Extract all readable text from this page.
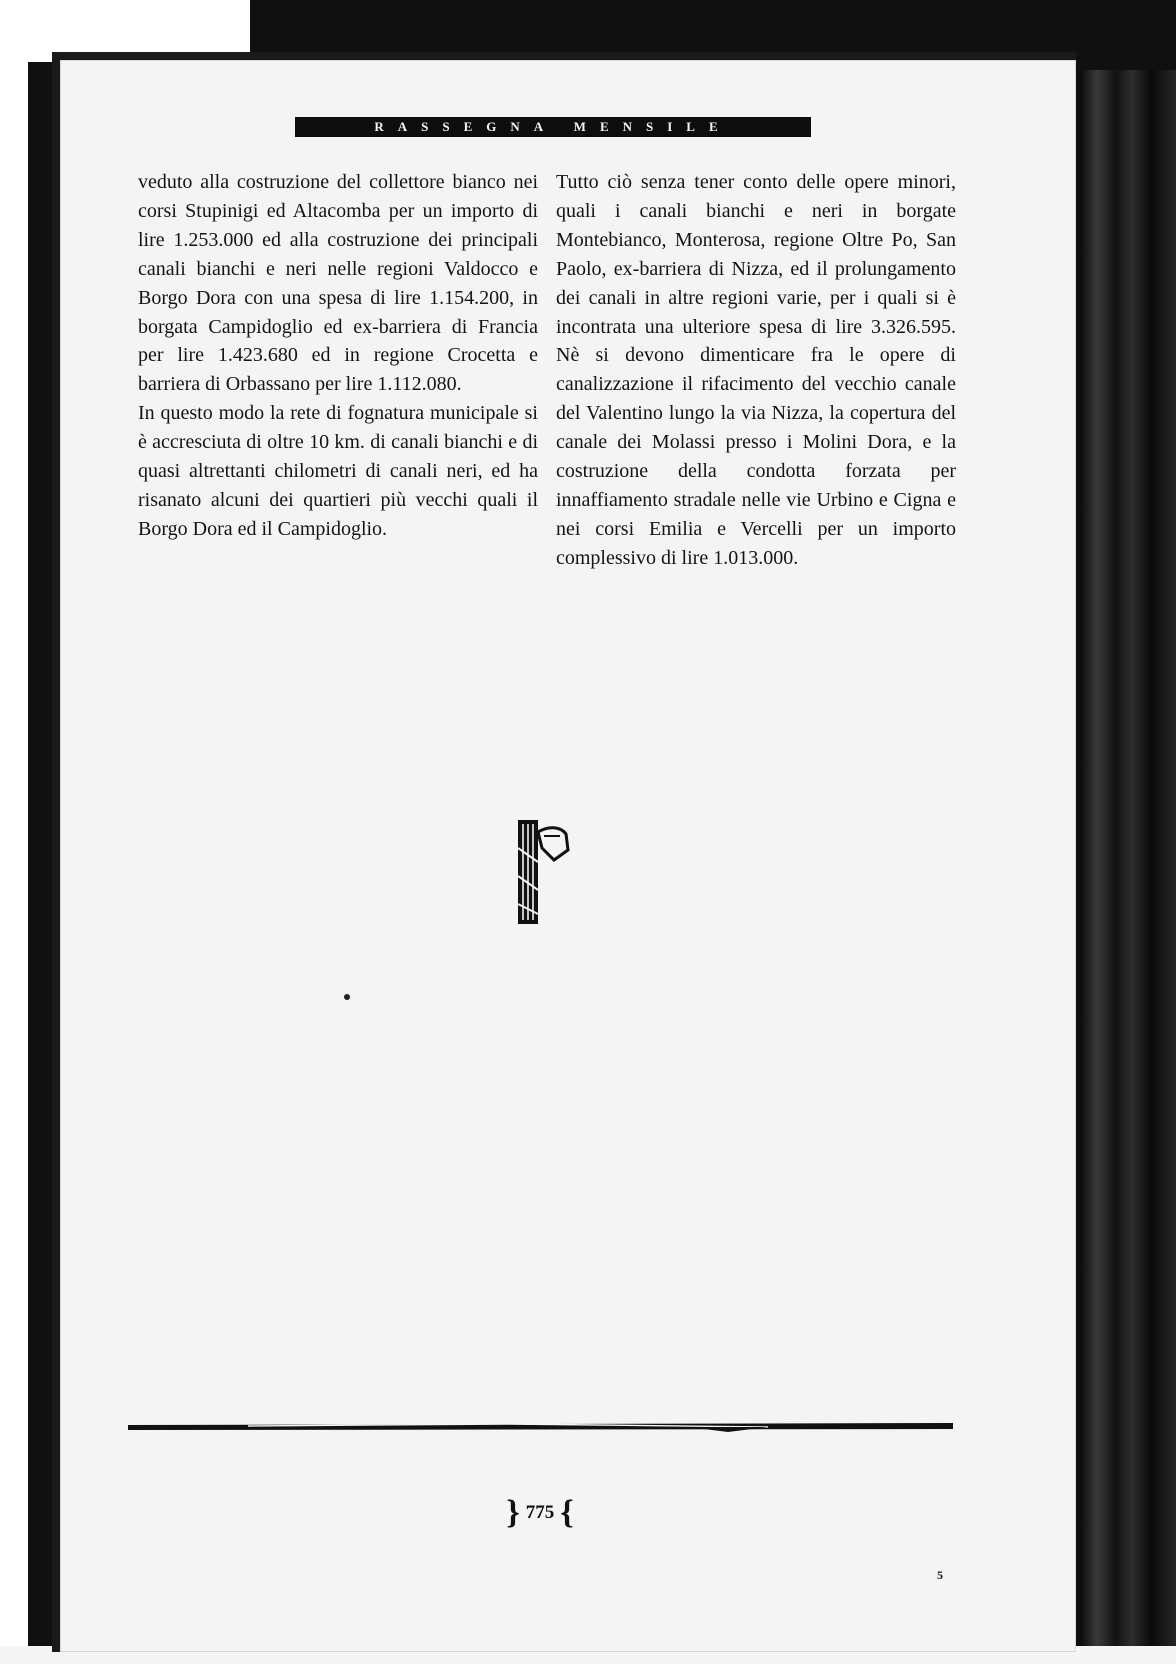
RASSEGNA MENSILE

veduto alla costruzione del collettore bianco nei corsi Stupinigi ed Altacomba per un importo di lire 1.253.000 ed alla costruzione dei principali canali bianchi e neri nelle regioni Valdocco e Borgo Dora con una spesa di lire 1.154.200, in borgata Campidoglio ed ex-barriera di Francia per lire 1.423.680 ed in regione Crocetta e barriera di Orbassano per lire 1.112.080.

In questo modo la rete di fognatura municipale si è accresciuta di oltre 10 km. di canali bianchi e di quasi altrettanti chilometri di canali neri, ed ha risanato alcuni dei quartieri più vecchi quali il Borgo Dora ed il Campidoglio.

Tutto ciò senza tener conto delle opere minori, quali i canali bianchi e neri in borgate Montebianco, Monterosa, regione Oltre Po, San Paolo, ex-barriera di Nizza, ed il prolungamento dei canali in altre regioni varie, per i quali si è incontrata una ulteriore spesa di lire 3.326.595. Nè si devono dimenticare fra le opere di canalizzazione il rifacimento del vecchio canale del Valentino lungo la via Nizza, la copertura del canale dei Molassi presso i Molini Dora, e la costruzione della condotta forzata per innaffiamento stradale nelle vie Urbino e Cigna e nei corsi Emilia e Vercelli per un importo complessivo di lire 1.013.000.

} 775 {
5
